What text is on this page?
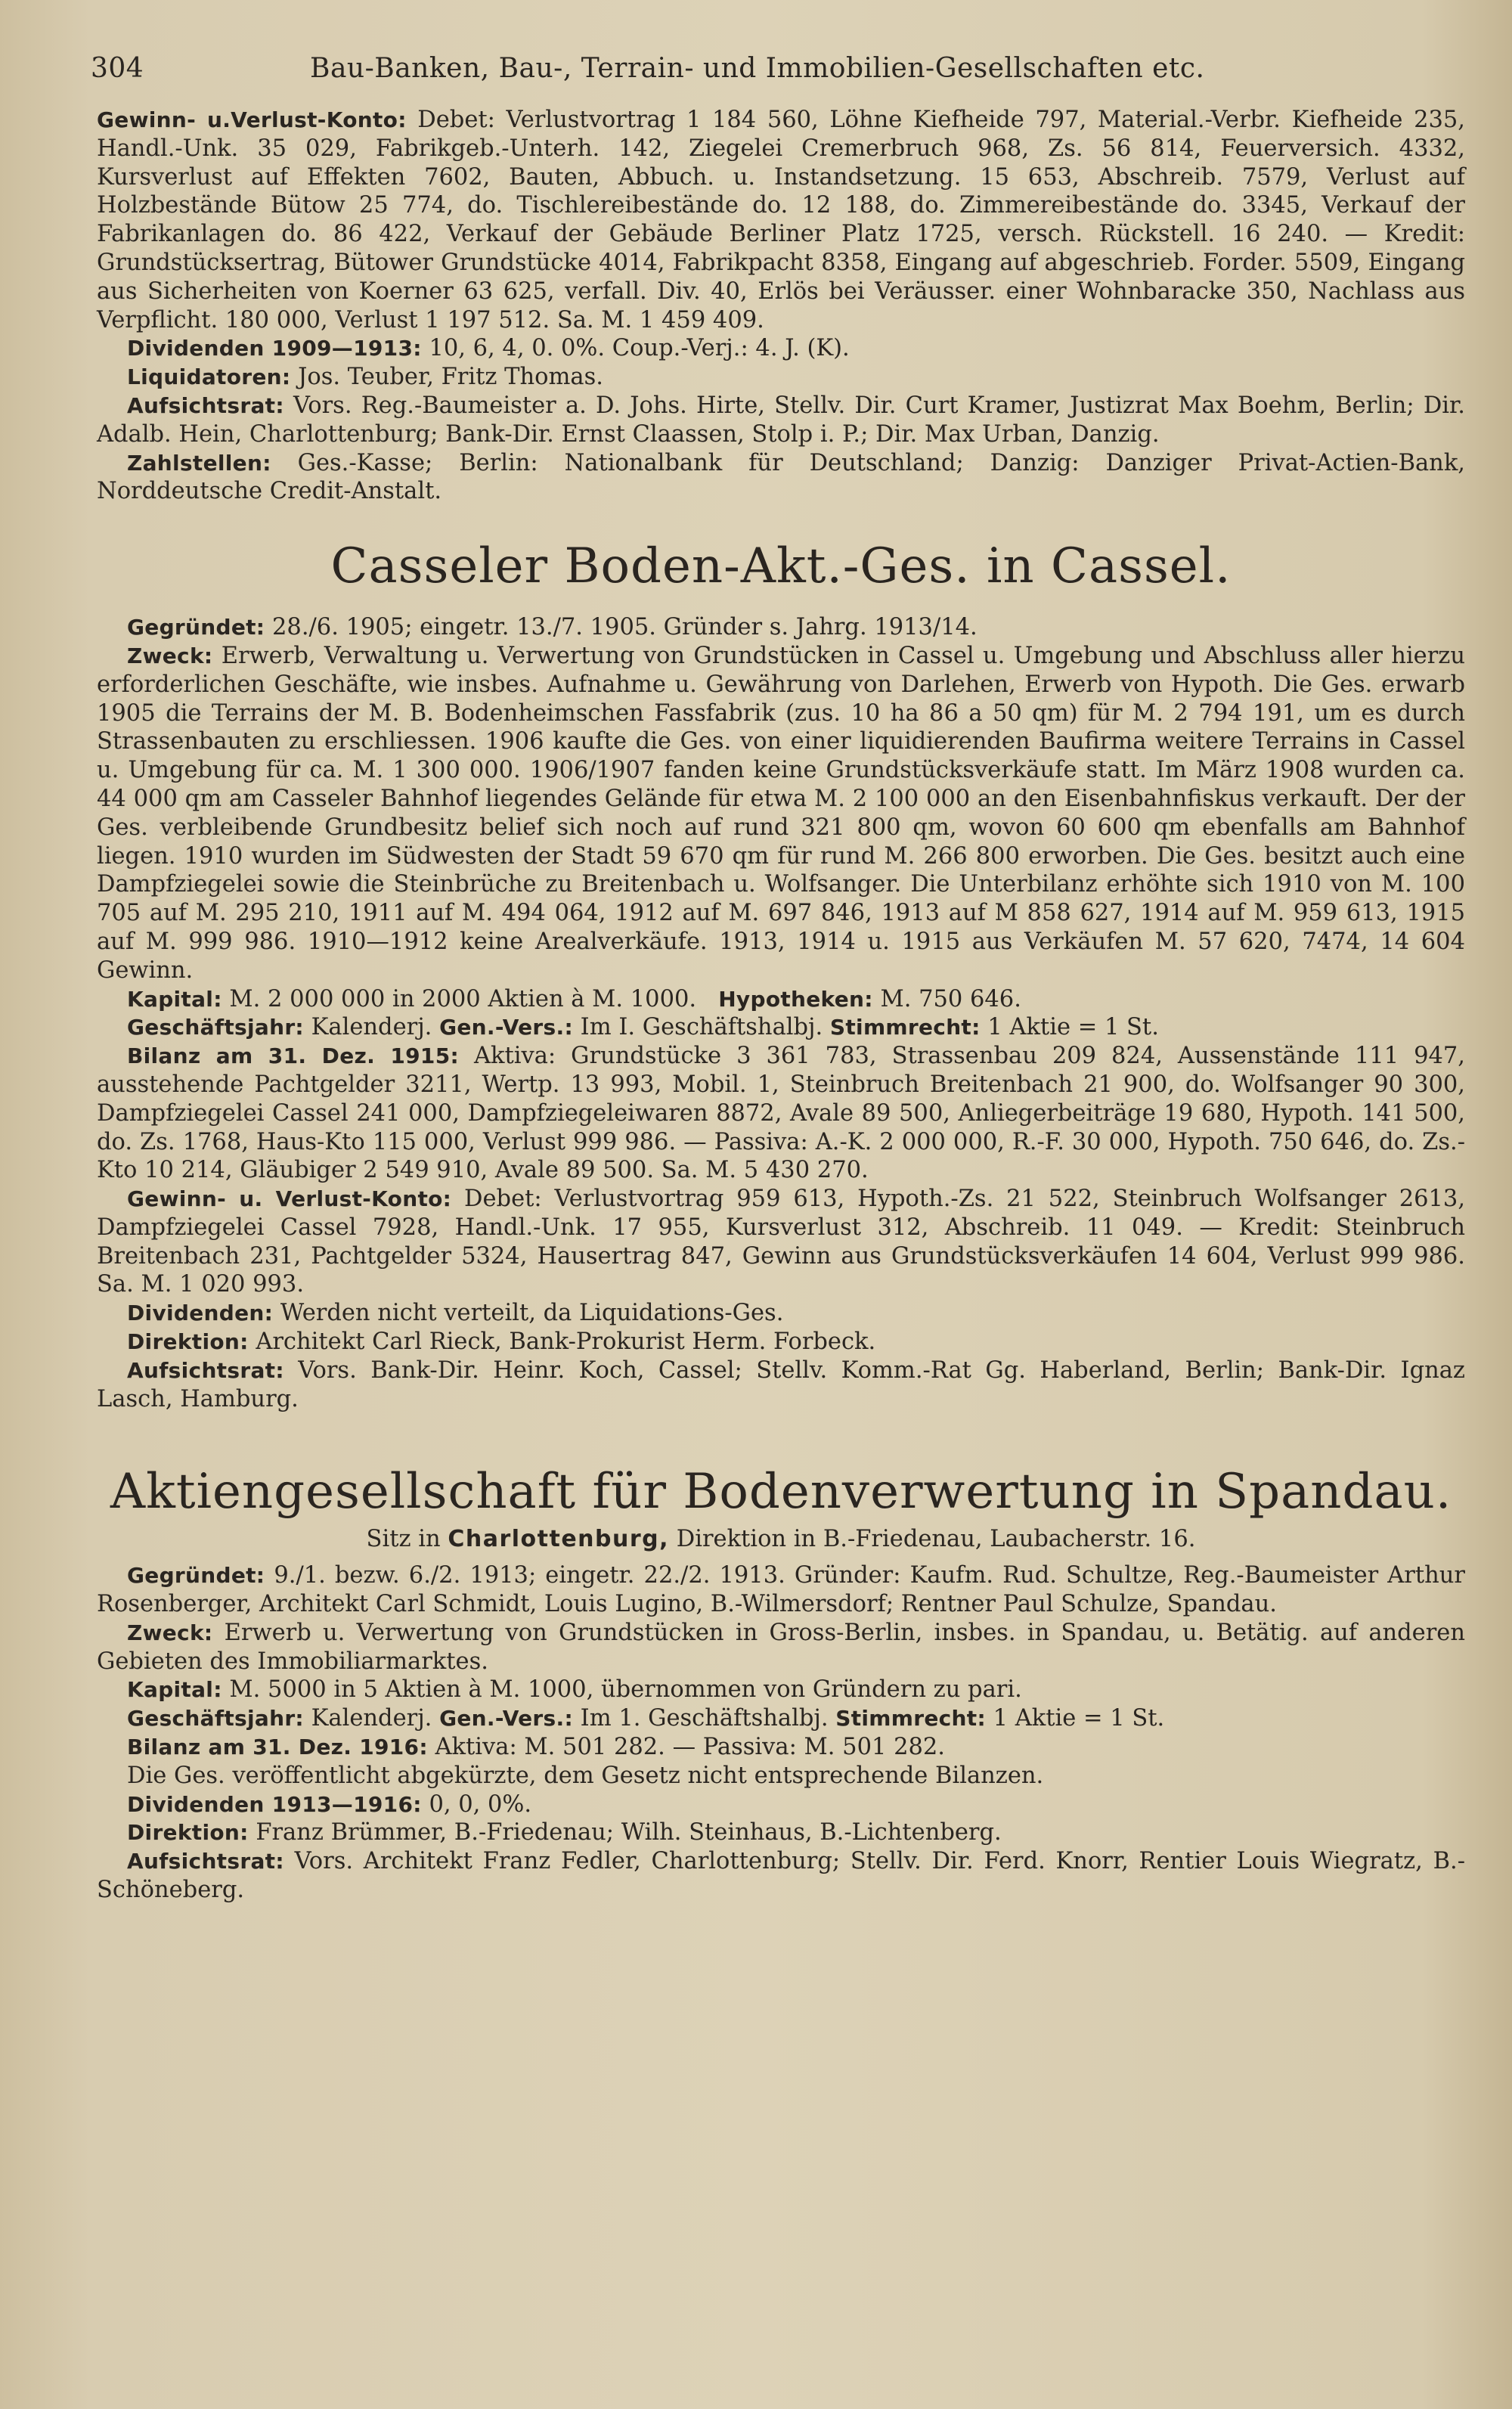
304	Bau-Banken, Bau-, Terrain- und Immobilien-Gesellschaften etc.

Gewinn- u.Verlust-Konto: Debet: Verlustvortrag 1 184 560, Löhne Kiefheide 797, Material.-Verbr. Kiefheide 235, Handl.-Unk. 35 029, Fabrikgeb.-Unterh. 142, Ziegelei Cremerbruch 968, Zs. 56 814, Feuerversich. 4332, Kursverlust auf Effekten 7602, Bauten, Abbuch. u. Instandsetzung. 15 653, Abschreib. 7579, Verlust auf Holzbestände Bütow 25 774, do. Tischlereibestände do. 12 188, do. Zimmereibestände do. 3345, Verkauf der Fabrikanlagen do. 86 422, Verkauf der Gebäude Berliner Platz 1725, versch. Rückstell. 16 240. — Kredit: Grundstücksertrag, Bütower Grundstücke 4014, Fabrikpacht 8358, Eingang auf abgeschrieb. Forder. 5509, Eingang aus Sicherheiten von Koerner 63 625, verfall. Div. 40, Erlös bei Veräusser. einer Wohnbaracke 350, Nachlass aus Verpflicht. 180 000, Verlust 1 197 512. Sa. M. 1 459 409.

Dividenden 1909—1913: 10, 6, 4, 0. 0%. Coup.-Verj.: 4. J. (K).

Liquidatoren: Jos. Teuber, Fritz Thomas.

Aufsichtsrat: Vors. Reg.-Baumeister a. D. Johs. Hirte, Stellv. Dir. Curt Kramer, Justizrat Max Boehm, Berlin; Dir. Adalb. Hein, Charlottenburg; Bank-Dir. Ernst Claassen, Stolp i. P.; Dir. Max Urban, Danzig.

Zahlstellen: Ges.-Kasse; Berlin: Nationalbank für Deutschland; Danzig: Danziger Privat-Actien-Bank, Norddeutsche Credit-Anstalt.

Casseler Boden-Akt.-Ges. in Cassel.

Gegründet: 28./6. 1905; eingetr. 13./7. 1905. Gründer s. Jahrg. 1913/14.

Zweck: Erwerb, Verwaltung u. Verwertung von Grundstücken in Cassel u. Umgebung und Abschluss aller hierzu erforderlichen Geschäfte, wie insbes. Aufnahme u. Gewährung von Darlehen, Erwerb von Hypoth. Die Ges. erwarb 1905 die Terrains der M. B. Bodenheimschen Fassfabrik (zus. 10 ha 86 a 50 qm) für M. 2 794 191, um es durch Strassenbauten zu erschliessen. 1906 kaufte die Ges. von einer liquidierenden Baufirma weitere Terrains in Cassel u. Umgebung für ca. M. 1 300 000. 1906/1907 fanden keine Grundstücksverkäufe statt. Im März 1908 wurden ca. 44 000 qm am Casseler Bahnhof liegendes Gelände für etwa M. 2 100 000 an den Eisenbahnfiskus verkauft. Der der Ges. verbleibende Grundbesitz belief sich noch auf rund 321 800 qm, wovon 60 600 qm ebenfalls am Bahnhof liegen. 1910 wurden im Südwesten der Stadt 59 670 qm für rund M. 266 800 erworben. Die Ges. besitzt auch eine Dampfziegelei sowie die Steinbrüche zu Breitenbach u. Wolfsanger. Die Unterbilanz erhöhte sich 1910 von M. 100 705 auf M. 295 210, 1911 auf M. 494 064, 1912 auf M. 697 846, 1913 auf M 858 627, 1914 auf M. 959 613, 1915 auf M. 999 986. 1910—1912 keine Arealverkäufe. 1913, 1914 u. 1915 aus Verkäufen M. 57 620, 7474, 14 604 Gewinn.

Kapital: M. 2 000 000 in 2000 Aktien à M. 1000. Hypotheken: M. 750 646.

Geschäftsjahr: Kalenderj. Gen.-Vers.: Im I. Geschäftshalbj. Stimmrecht: 1 Aktie = 1 St.

Bilanz am 31. Dez. 1915: Aktiva: Grundstücke 3 361 783, Strassenbau 209 824, Aussenstände 111 947, ausstehende Pachtgelder 3211, Wertp. 13 993, Mobil. 1, Steinbruch Breitenbach 21 900, do. Wolfsanger 90 300, Dampfziegelei Cassel 241 000, Dampfziegeleiwaren 8872, Avale 89 500, Anliegerbeiträge 19 680, Hypoth. 141 500, do. Zs. 1768, Haus-Kto 115 000, Verlust 999 986. — Passiva: A.-K. 2 000 000, R.-F. 30 000, Hypoth. 750 646, do. Zs.-Kto 10 214, Gläubiger 2 549 910, Avale 89 500. Sa. M. 5 430 270.

Gewinn- u. Verlust-Konto: Debet: Verlustvortrag 959 613, Hypoth.-Zs. 21 522, Steinbruch Wolfsanger 2613, Dampfziegelei Cassel 7928, Handl.-Unk. 17 955, Kursverlust 312, Abschreib. 11 049. — Kredit: Steinbruch Breitenbach 231, Pachtgelder 5324, Hausertrag 847, Gewinn aus Grundstücksverkäufen 14 604, Verlust 999 986. Sa. M. 1 020 993.

Dividenden: Werden nicht verteilt, da Liquidations-Ges.

Direktion: Architekt Carl Rieck, Bank-Prokurist Herm. Forbeck.

Aufsichtsrat: Vors. Bank-Dir. Heinr. Koch, Cassel; Stellv. Komm.-Rat Gg. Haberland, Berlin; Bank-Dir. Ignaz Lasch, Hamburg.

Aktiengesellschaft für Bodenverwertung in Spandau.
Sitz in Charlottenburg, Direktion in B.-Friedenau, Laubacherstr. 16.

Gegründet: 9./1. bezw. 6./2. 1913; eingetr. 22./2. 1913. Gründer: Kaufm. Rud. Schultze, Reg.-Baumeister Arthur Rosenberger, Architekt Carl Schmidt, Louis Lugino, B.-Wilmersdorf; Rentner Paul Schulze, Spandau.

Zweck: Erwerb u. Verwertung von Grundstücken in Gross-Berlin, insbes. in Spandau, u. Betätig. auf anderen Gebieten des Immobiliarmarktes.

Kapital: M. 5000 in 5 Aktien à M. 1000, übernommen von Gründern zu pari.

Geschäftsjahr: Kalenderj. Gen.-Vers.: Im 1. Geschäftshalbj. Stimmrecht: 1 Aktie = 1 St.

Bilanz am 31. Dez. 1916: Aktiva: M. 501 282. — Passiva: M. 501 282.

Die Ges. veröffentlicht abgekürzte, dem Gesetz nicht entsprechende Bilanzen.

Dividenden 1913—1916: 0, 0, 0%.

Direktion: Franz Brümmer, B.-Friedenau; Wilh. Steinhaus, B.-Lichtenberg.

Aufsichtsrat: Vors. Architekt Franz Fedler, Charlottenburg; Stellv. Dir. Ferd. Knorr, Rentier Louis Wiegratz, B.-Schöneberg.
